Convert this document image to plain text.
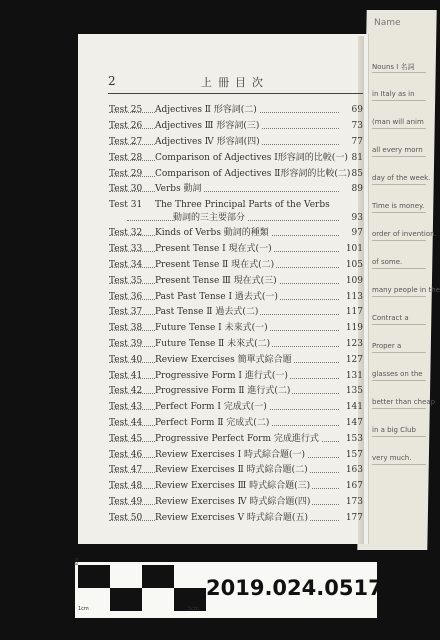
Name
Nouns Ⅰ 名詞
in Italy as in
(man will anim
all every morn
day of the week.
Time is money.
order of invention.
of some.
many people in the
Contract a
Proper a
glasses on the
better than cheap
in a big Club
very much.
2	上冊目次
Test 25	Adjectives Ⅱ 形容詞(二)	69
Test 26	Adjectives Ⅲ 形容詞(三)	73
Test 27	Adjectives Ⅳ 形容詞(四)	77
Test 28	Comparison of Adjectives Ⅰ形容詞的比較(一) 81
Test 29	Comparison of Adjectives Ⅱ形容詞的比較(二) 85
Test 30	Verbs 動詞	89
Test 31	The Three Principal Parts of the Verbs
動詞的三主要部分	93
Test 32	Kinds of Verbs 動詞的種類	97
Test 33	Present Tense Ⅰ 現在式(一)	101
Test 34	Present Tense Ⅱ 現在式(二)	105
Test 35	Present Tense Ⅲ 現在式(三)	109
Test 36	Past Past Tense Ⅰ 過去式(一)	113
Test 37	Past Tense Ⅱ 過去式(二)	117
Test 38	Future Tense Ⅰ 未來式(一)	119
Test 39	Future Tense Ⅱ 未來式(二)	123
Test 40	Review Exercises 簡單式綜合題	127
Test 41	Progressive Form Ⅰ 進行式(一)	131
Test 42	Progressive Form Ⅱ 進行式(二)	135
Test 43	Perfect Form Ⅰ 完成式(一)	141
Test 44	Perfect Form Ⅱ 完成式(二)	147
Test 45	Progressive Perfect Form 完成進行式	153
Test 46	Review Exercises Ⅰ 時式綜合題(一)	157
Test 47	Review Exercises Ⅱ 時式綜合題(二)	163
Test 48	Review Exercises Ⅲ 時式綜合題(三)	167
Test 49	Review Exercises Ⅳ 時式綜合題(四)	173
Test 50	Review Exercises Ⅴ 時式綜合題(五)	177
Top
1cm	5cm
2019.024.0517
